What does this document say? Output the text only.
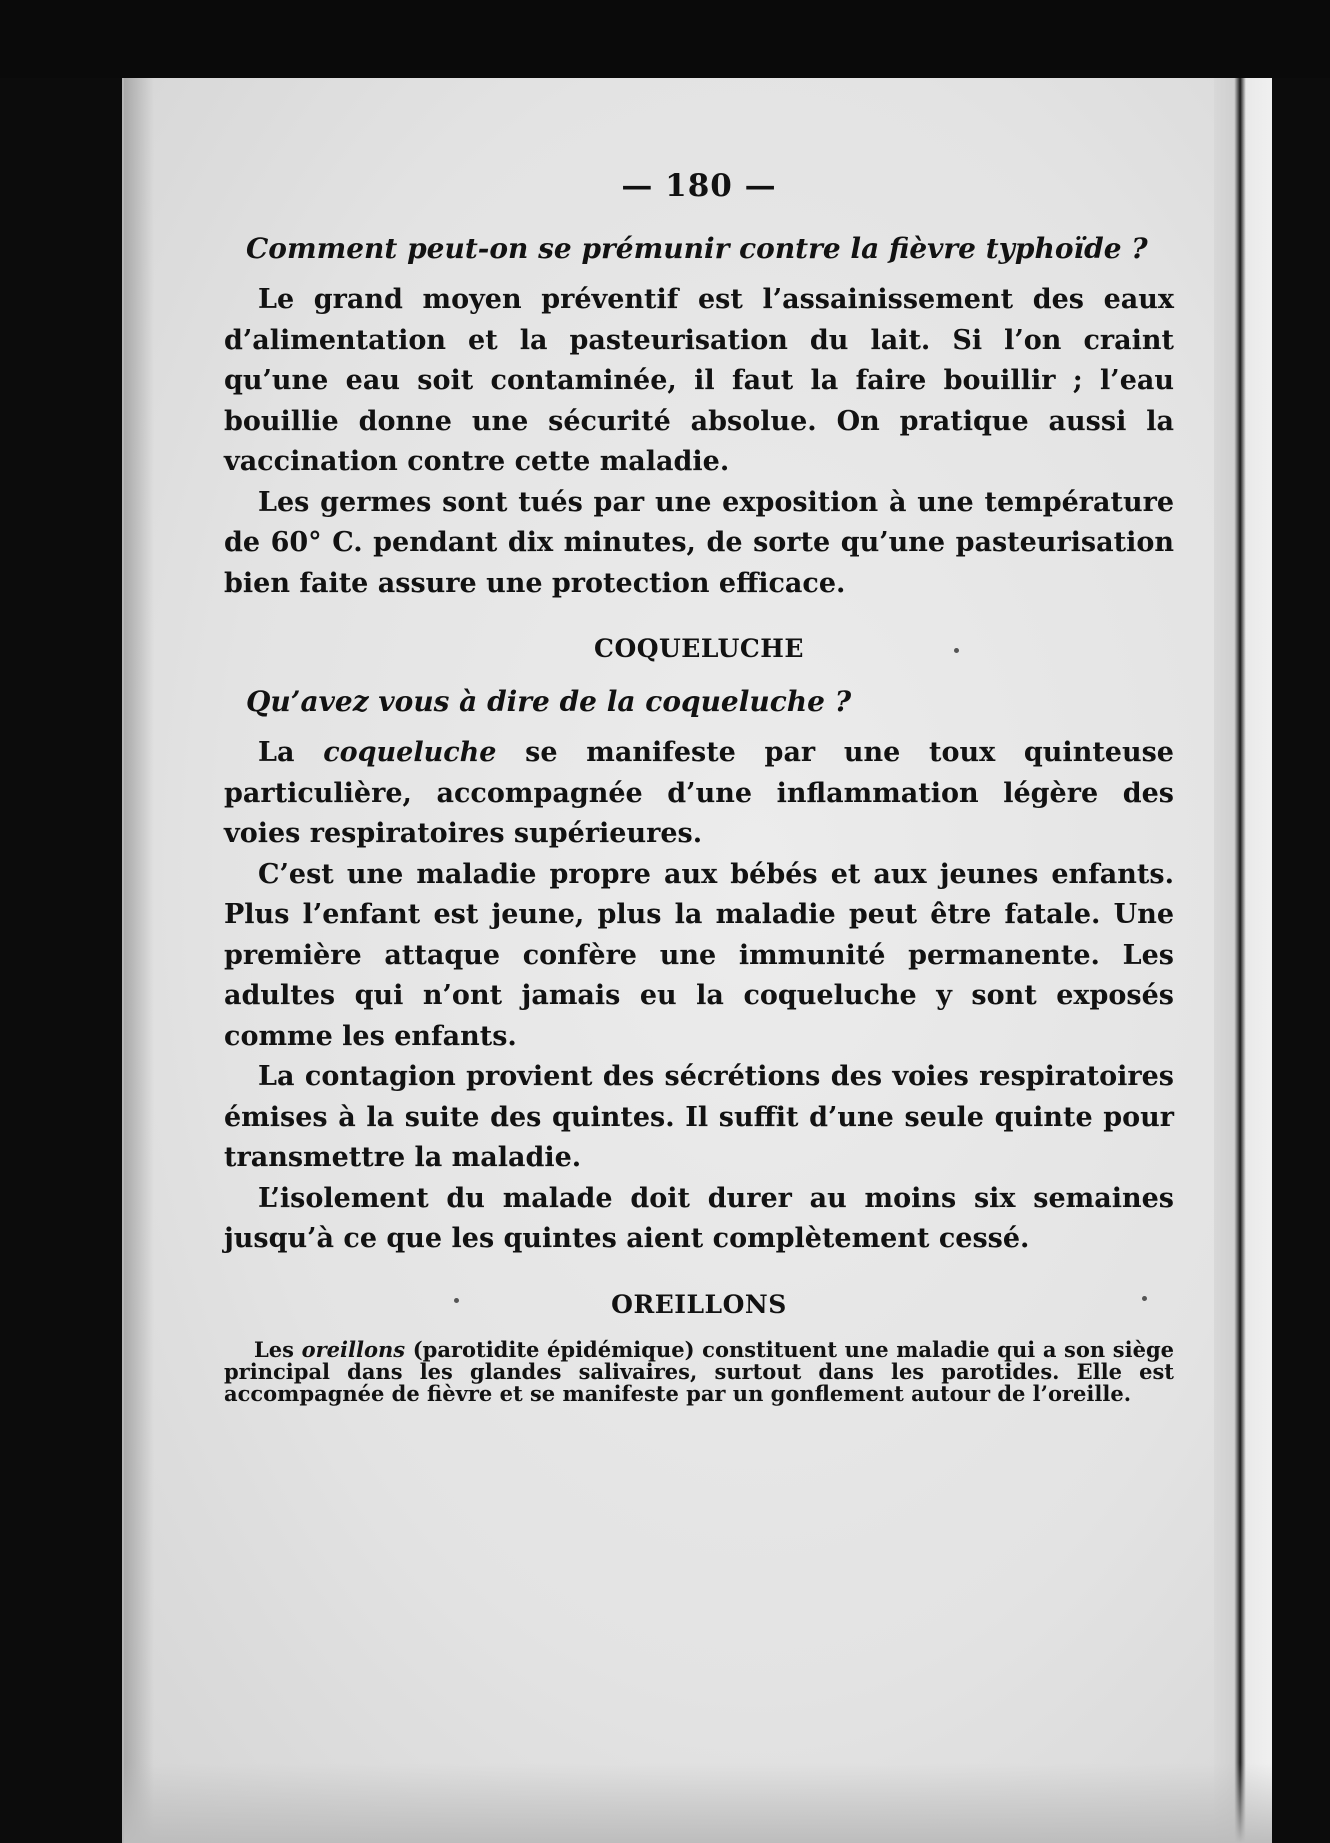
— 180 —

Comment peut-on se prémunir contre la fièvre typhoïde ?

Le grand moyen préventif est l’assainissement des eaux d’alimentation et la pasteurisation du lait. Si l’on craint qu’une eau soit contaminée, il faut la faire bouillir ; l’eau bouillie donne une sécurité absolue. On pratique aussi la vaccination contre cette maladie.

Les germes sont tués par une exposition à une température de 60° C. pendant dix minutes, de sorte qu’une pasteurisation bien faite assure une protection efficace.

COQUELUCHE

Qu’avez vous à dire de la coqueluche ?

La coqueluche se manifeste par une toux quinteuse particulière, accompagnée d’une inflammation légère des voies respiratoires supérieures.

C’est une maladie propre aux bébés et aux jeunes enfants. Plus l’enfant est jeune, plus la maladie peut être fatale. Une première attaque confère une immunité permanente. Les adultes qui n’ont jamais eu la coqueluche y sont exposés comme les enfants.

La contagion provient des sécrétions des voies respiratoires émises à la suite des quintes. Il suffit d’une seule quinte pour transmettre la maladie.

L’isolement du malade doit durer au moins six semaines jusqu’à ce que les quintes aient complètement cessé.

OREILLONS

Les oreillons (parotidite épidémique) constituent une maladie qui a son siège principal dans les glandes salivaires, surtout dans les parotides. Elle est accompagnée de fièvre et se manifeste par un gonflement autour de l’oreille.
